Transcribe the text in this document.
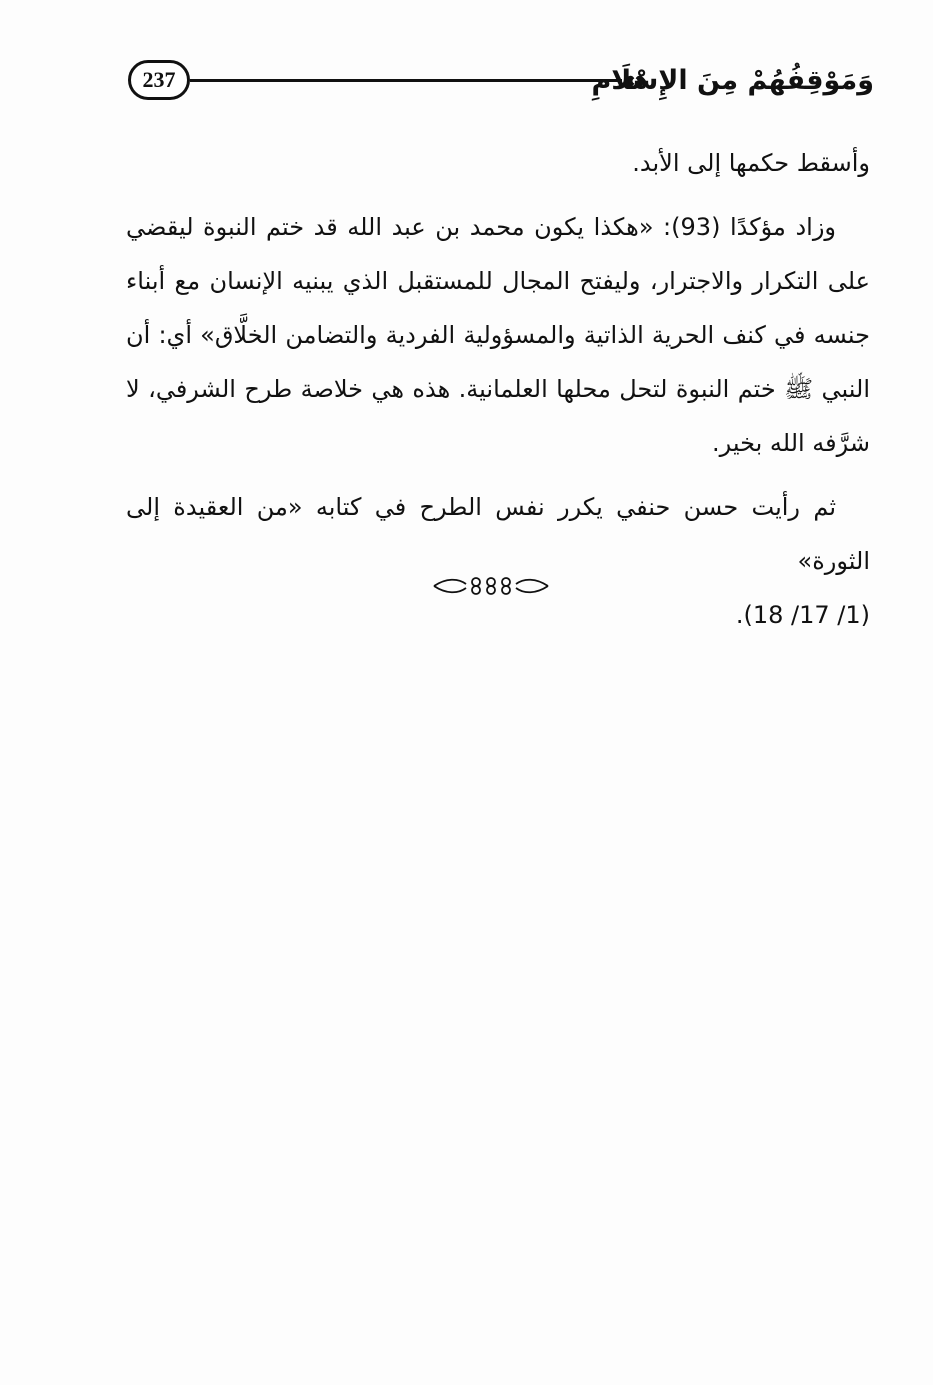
237	وَمَوْقِفُهُمْ مِنَ الإِسْلَامِ

وأسقط حكمها إلى الأبد.

وزاد مؤكدًا (93): «هكذا يكون محمد بن عبد الله قد ختم النبوة ليقضي على التكرار والاجترار، وليفتح المجال للمستقبل الذي يبنيه الإنسان مع أبناء جنسه في كنف الحرية الذاتية والمسؤولية الفردية والتضامن الخلَّاق» أي: أن النبي ﷺ ختم النبوة لتحل محلها العلمانية. هذه هي خلاصة طرح الشرفي، لا شرَّفه الله بخير.

ثم رأيت حسن حنفي يكرر نفس الطرح في كتابه «من العقيدة إلى الثورة»

(1/ 17/ 18).
